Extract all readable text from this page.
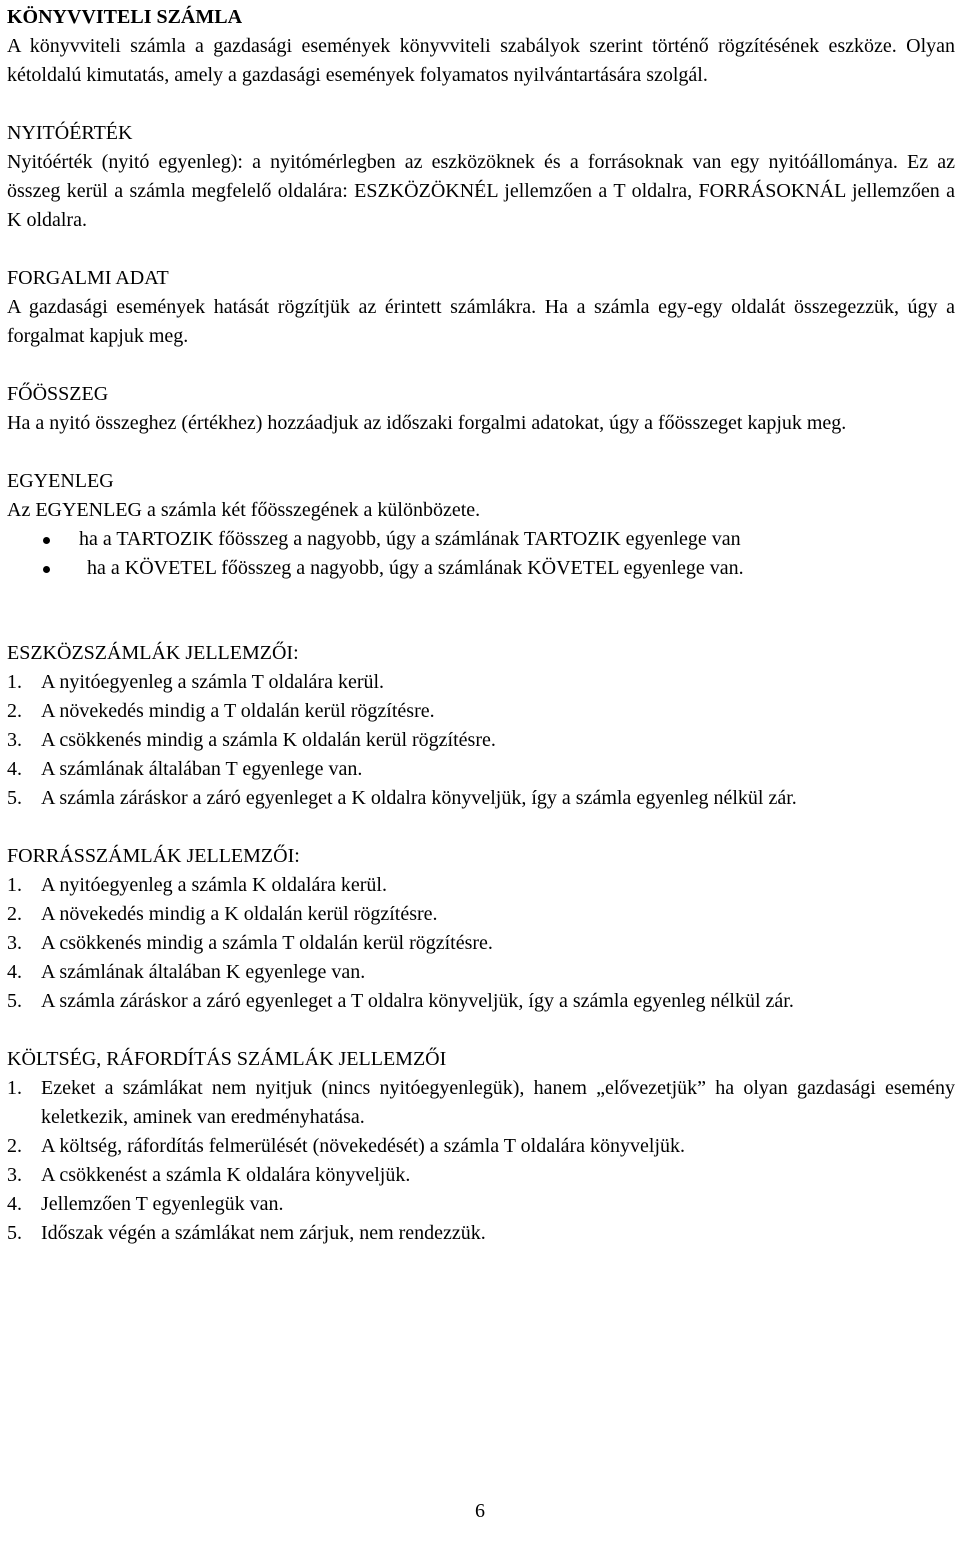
KÖNYVVITELI SZÁMLA

A könyvviteli számla a gazdasági események könyvviteli szabályok szerint történő rögzítésének eszköze. Olyan kétoldalú kimutatás, amely a gazdasági események folyamatos nyilvántartására szolgál.

NYITÓÉRTÉK

Nyitóérték (nyitó egyenleg): a nyitómérlegben az eszközöknek és a forrásoknak van egy nyitóállománya. Ez az összeg kerül a számla megfelelő oldalára: ESZKÖZÖKNÉL jellemzően a T oldalra, FORRÁSOKNÁL jellemzően a K oldalra.

FORGALMI ADAT

A gazdasági események hatását rögzítjük az érintett számlákra. Ha a számla egy-egy oldalát összegezzük, úgy a forgalmat kapjuk meg.

FŐÖSSZEG

Ha a nyitó összeghez (értékhez) hozzáadjuk az időszaki forgalmi adatokat, úgy a főösszeget kapjuk meg.

EGYENLEG

Az EGYENLEG a számla két főösszegének a különbözete.

ha a TARTOZIK főösszeg a nagyobb, úgy a számlának TARTOZIK egyenlege van
ha a KÖVETEL főösszeg a nagyobb, úgy a számlának KÖVETEL egyenlege van.

ESZKÖZSZÁMLÁK JELLEMZŐI:

1. A nyitóegyenleg a számla T oldalára kerül.
2. A növekedés mindig a T oldalán kerül rögzítésre.
3. A csökkenés mindig a számla K oldalán kerül rögzítésre.
4. A számlának általában T egyenlege van.
5. A számla záráskor a záró egyenleget a K oldalra könyveljük, így a számla egyenleg nélkül zár.

FORRÁSSZÁMLÁK JELLEMZŐI:

1. A nyitóegyenleg a számla K oldalára kerül.
2. A növekedés mindig a K oldalán kerül rögzítésre.
3. A csökkenés mindig a számla T oldalán kerül rögzítésre.
4. A számlának általában K egyenlege van.
5. A számla záráskor a záró egyenleget a T oldalra könyveljük, így a számla egyenleg nélkül zár.

KÖLTSÉG, RÁFORDÍTÁS SZÁMLÁK JELLEMZŐI

1. Ezeket a számlákat nem nyitjuk (nincs nyitóegyenlegük), hanem „elővezetjük” ha olyan gazdasági esemény keletkezik, aminek van eredményhatása.
2. A költség, ráfordítás felmerülését (növekedését) a számla T oldalára könyveljük.
3. A csökkenést a számla K oldalára könyveljük.
4. Jellemzően T egyenlegük van.
5. Időszak végén a számlákat nem zárjuk, nem rendezzük.
6
